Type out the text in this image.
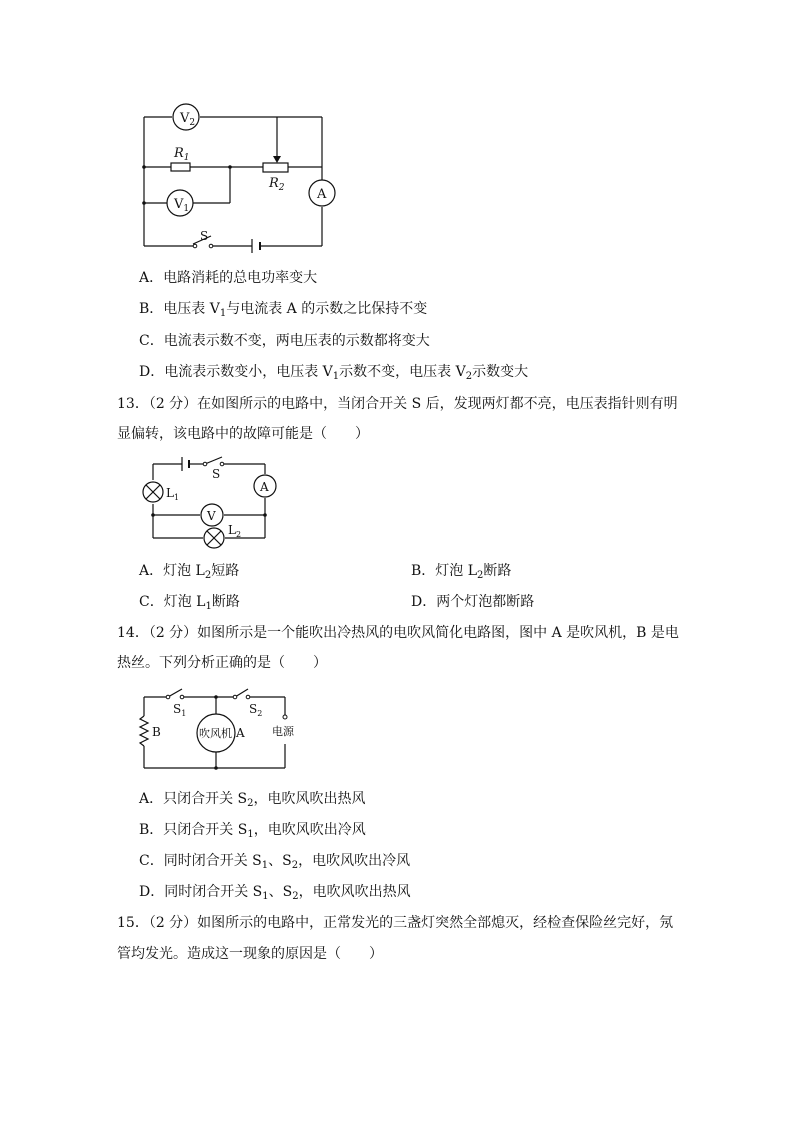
$V_2$
$V_1$
A
$R_1$
$R_2$
S
A．电路消耗的总电功率变大
B．电压表 $V_1$与电流表 A 的示数之比保持不变
C．电流表示数不变，两电压表的示数都将变大
D．电流表示数变小，电压表 $V_1$示数不变，电压表 $V_2$示数变大
13．（2 分）在如图所示的电路中，当闭合开关 S 后，发现两灯都不亮，电压表指针则有明
显偏转，该电路中的故障可能是（　　）
S
$L_1$
A
V
$L_2$
A．灯泡 $L_2$短路	B．灯泡 $L_2$断路
C．灯泡 $L_1$断路	D．两个灯泡都断路
14．（2 分）如图所示是一个能吹出冷热风的电吹风简化电路图，图中 A 是吹风机，B 是电
热丝。下列分析正确的是（　　）
$S_1$	$S_2$
B	吹风机 A 电源
A．只闭合开关 $S_2$，电吹风吹出热风
B．只闭合开关 $S_1$，电吹风吹出冷风
C．同时闭合开关 $S_1$、$S_2$，电吹风吹出冷风
D．同时闭合开关 $S_1$、$S_2$，电吹风吹出热风
15．（2 分）如图所示的电路中，正常发光的三盏灯突然全部熄灭，经检查保险丝完好，氖
管均发光。造成这一现象的原因是（　　）
